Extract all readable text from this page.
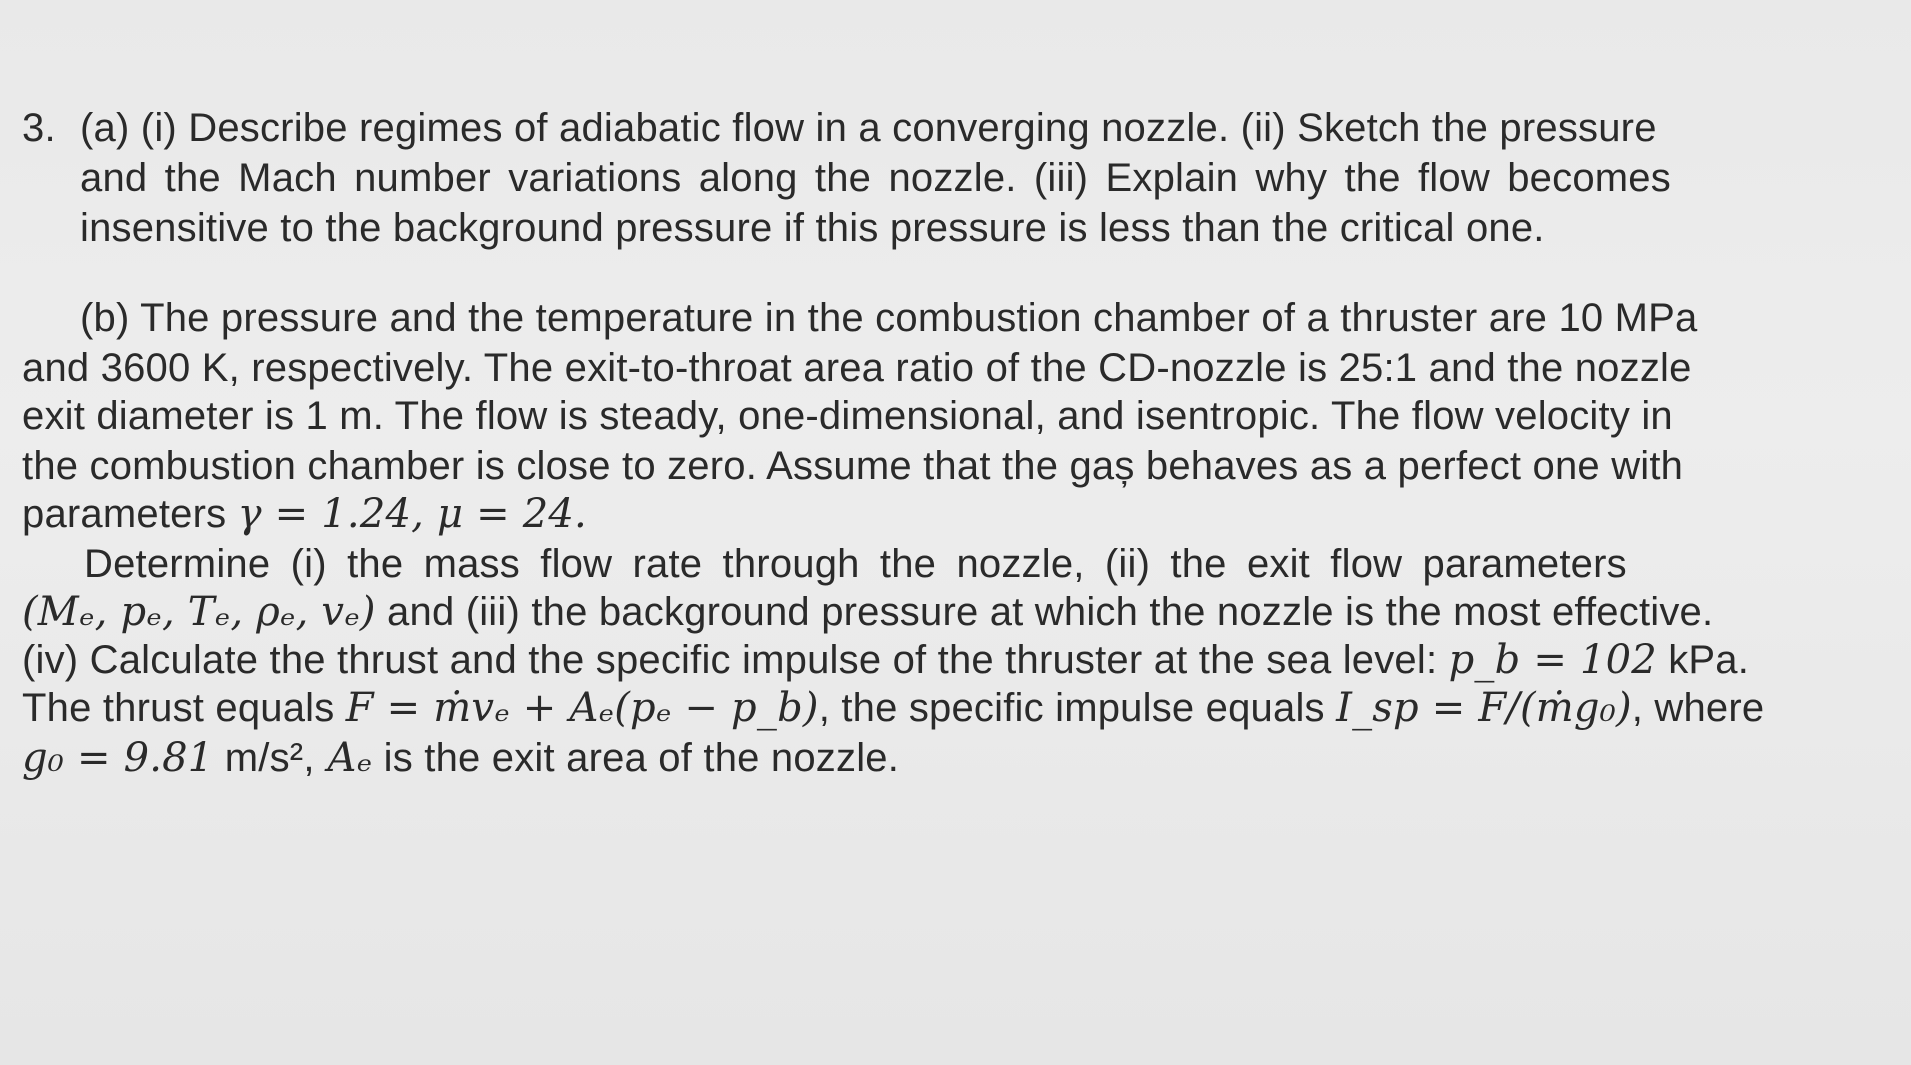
3. (a) (i) Describe regimes of adiabatic flow in a converging nozzle. (ii) Sketch the pressure
and the Mach number variations along the nozzle. (iii) Explain why the flow becomes
insensitive to the background pressure if this pressure is less than the critical one.
(b) The pressure and the temperature in the combustion chamber of a thruster are 10 MPa
and 3600 K, respectively. The exit-to-throat area ratio of the CD-nozzle is 25:1 and the nozzle
exit diameter is 1 m. The flow is steady, one-dimensional, and isentropic. The flow velocity in
the combustion chamber is close to zero. Assume that the gaș behaves as a perfect one with
parameters γ = 1.24, μ = 24.
Determine (i) the mass flow rate through the nozzle, (ii) the exit flow parameters
(Mₑ, pₑ, Tₑ, ρₑ, vₑ) and (iii) the background pressure at which the nozzle is the most effective.
(iv) Calculate the thrust and the specific impulse of the thruster at the sea level: p_b = 102 kPa.
The thrust equals F = ṁvₑ + Aₑ(pₑ − p_b), the specific impulse equals I_sp = F/(ṁg₀), where
g₀ = 9.81 m/s², Aₑ is the exit area of the nozzle.
